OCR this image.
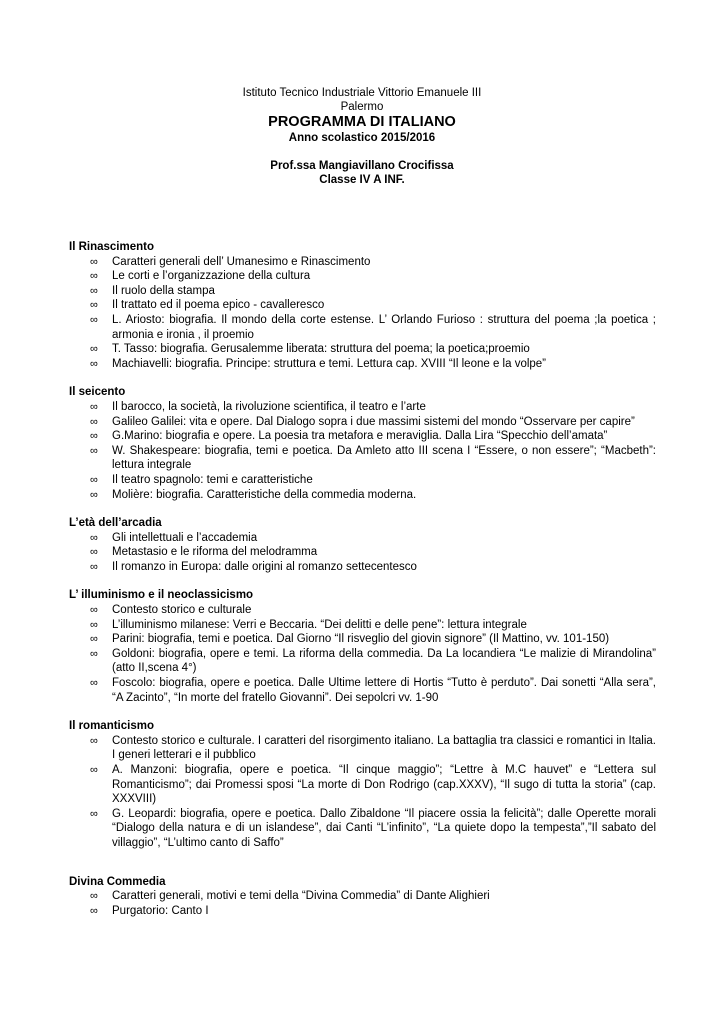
Istituto Tecnico Industriale Vittorio Emanuele III
Palermo
PROGRAMMA DI ITALIANO
Anno scolastico 2015/2016
Prof.ssa Mangiavillano Crocifissa
Classe IV A INF.
Il Rinascimento
∞ Caratteri generali dell’ Umanesimo e Rinascimento
∞ Le corti e l’organizzazione della cultura
∞ Il ruolo della stampa
∞ Il trattato ed il poema epico - cavalleresco
∞ L. Ariosto: biografia. Il mondo della corte estense. L’ Orlando Furioso : struttura del poema ;la poetica ; armonia e ironia , il proemio
∞ T. Tasso: biografia. Gerusalemme liberata: struttura del poema; la poetica;proemio
∞ Machiavelli: biografia. Principe: struttura e temi. Lettura cap. XVIII “Il leone e la volpe”
Il seicento
∞ Il barocco, la società, la rivoluzione scientifica, il teatro e l’arte
∞ Galileo Galilei: vita e opere. Dal Dialogo sopra i due massimi sistemi del mondo “Osservare per capire”
∞ G.Marino: biografia e opere. La poesia tra metafora e meraviglia. Dalla Lira “Specchio dell’amata”
∞ W. Shakespeare: biografia, temi e poetica. Da Amleto atto III scena I “Essere, o non essere”; “Macbeth”: lettura integrale
∞ Il teatro spagnolo: temi e caratteristiche
∞ Molière: biografia. Caratteristiche della commedia moderna.
L’età dell’arcadia
∞ Gli intellettuali e l’accademia
∞ Metastasio e le riforma del melodramma
∞ Il romanzo in Europa: dalle origini al romanzo settecentesco
L’ illuminismo e il neoclassicismo
∞ Contesto storico e culturale
∞ L’illuminismo milanese: Verri e Beccaria. “Dei delitti e delle pene”: lettura integrale
∞ Parini: biografia, temi e poetica. Dal Giorno “Il risveglio del giovin signore” (Il Mattino, vv. 101-150)
∞ Goldoni: biografia, opere e temi. La riforma della commedia. Da La locandiera “Le malizie di Mirandolina” (atto II,scena 4°)
∞ Foscolo: biografia, opere e poetica. Dalle Ultime lettere di Hortis “Tutto è perduto”. Dai sonetti “Alla sera”, “A Zacinto”, “In morte del fratello Giovanni”. Dei sepolcri vv. 1-90
Il romanticismo
∞ Contesto storico e culturale. I caratteri del risorgimento italiano. La battaglia tra classici e romantici in Italia. I generi letterari e il pubblico
∞ A. Manzoni: biografia, opere e poetica. “Il cinque maggio”; “Lettre à M.C hauvet” e “Lettera sul Romanticismo”; dai Promessi sposi “La morte di Don Rodrigo (cap.XXXV), “Il sugo di tutta la storia” (cap. XXXVIII)
∞ G. Leopardi: biografia, opere e poetica. Dallo Zibaldone “Il piacere ossia la felicità”; dalle Operette morali “Dialogo della natura e di un islandese”, dai Canti “L’infinito”, “La quiete dopo la tempesta”,”Il sabato del villaggio”, “L’ultimo canto di Saffo”
Divina Commedia
∞ Caratteri generali, motivi e temi della “Divina Commedia” di Dante Alighieri
∞ Purgatorio: Canto I
